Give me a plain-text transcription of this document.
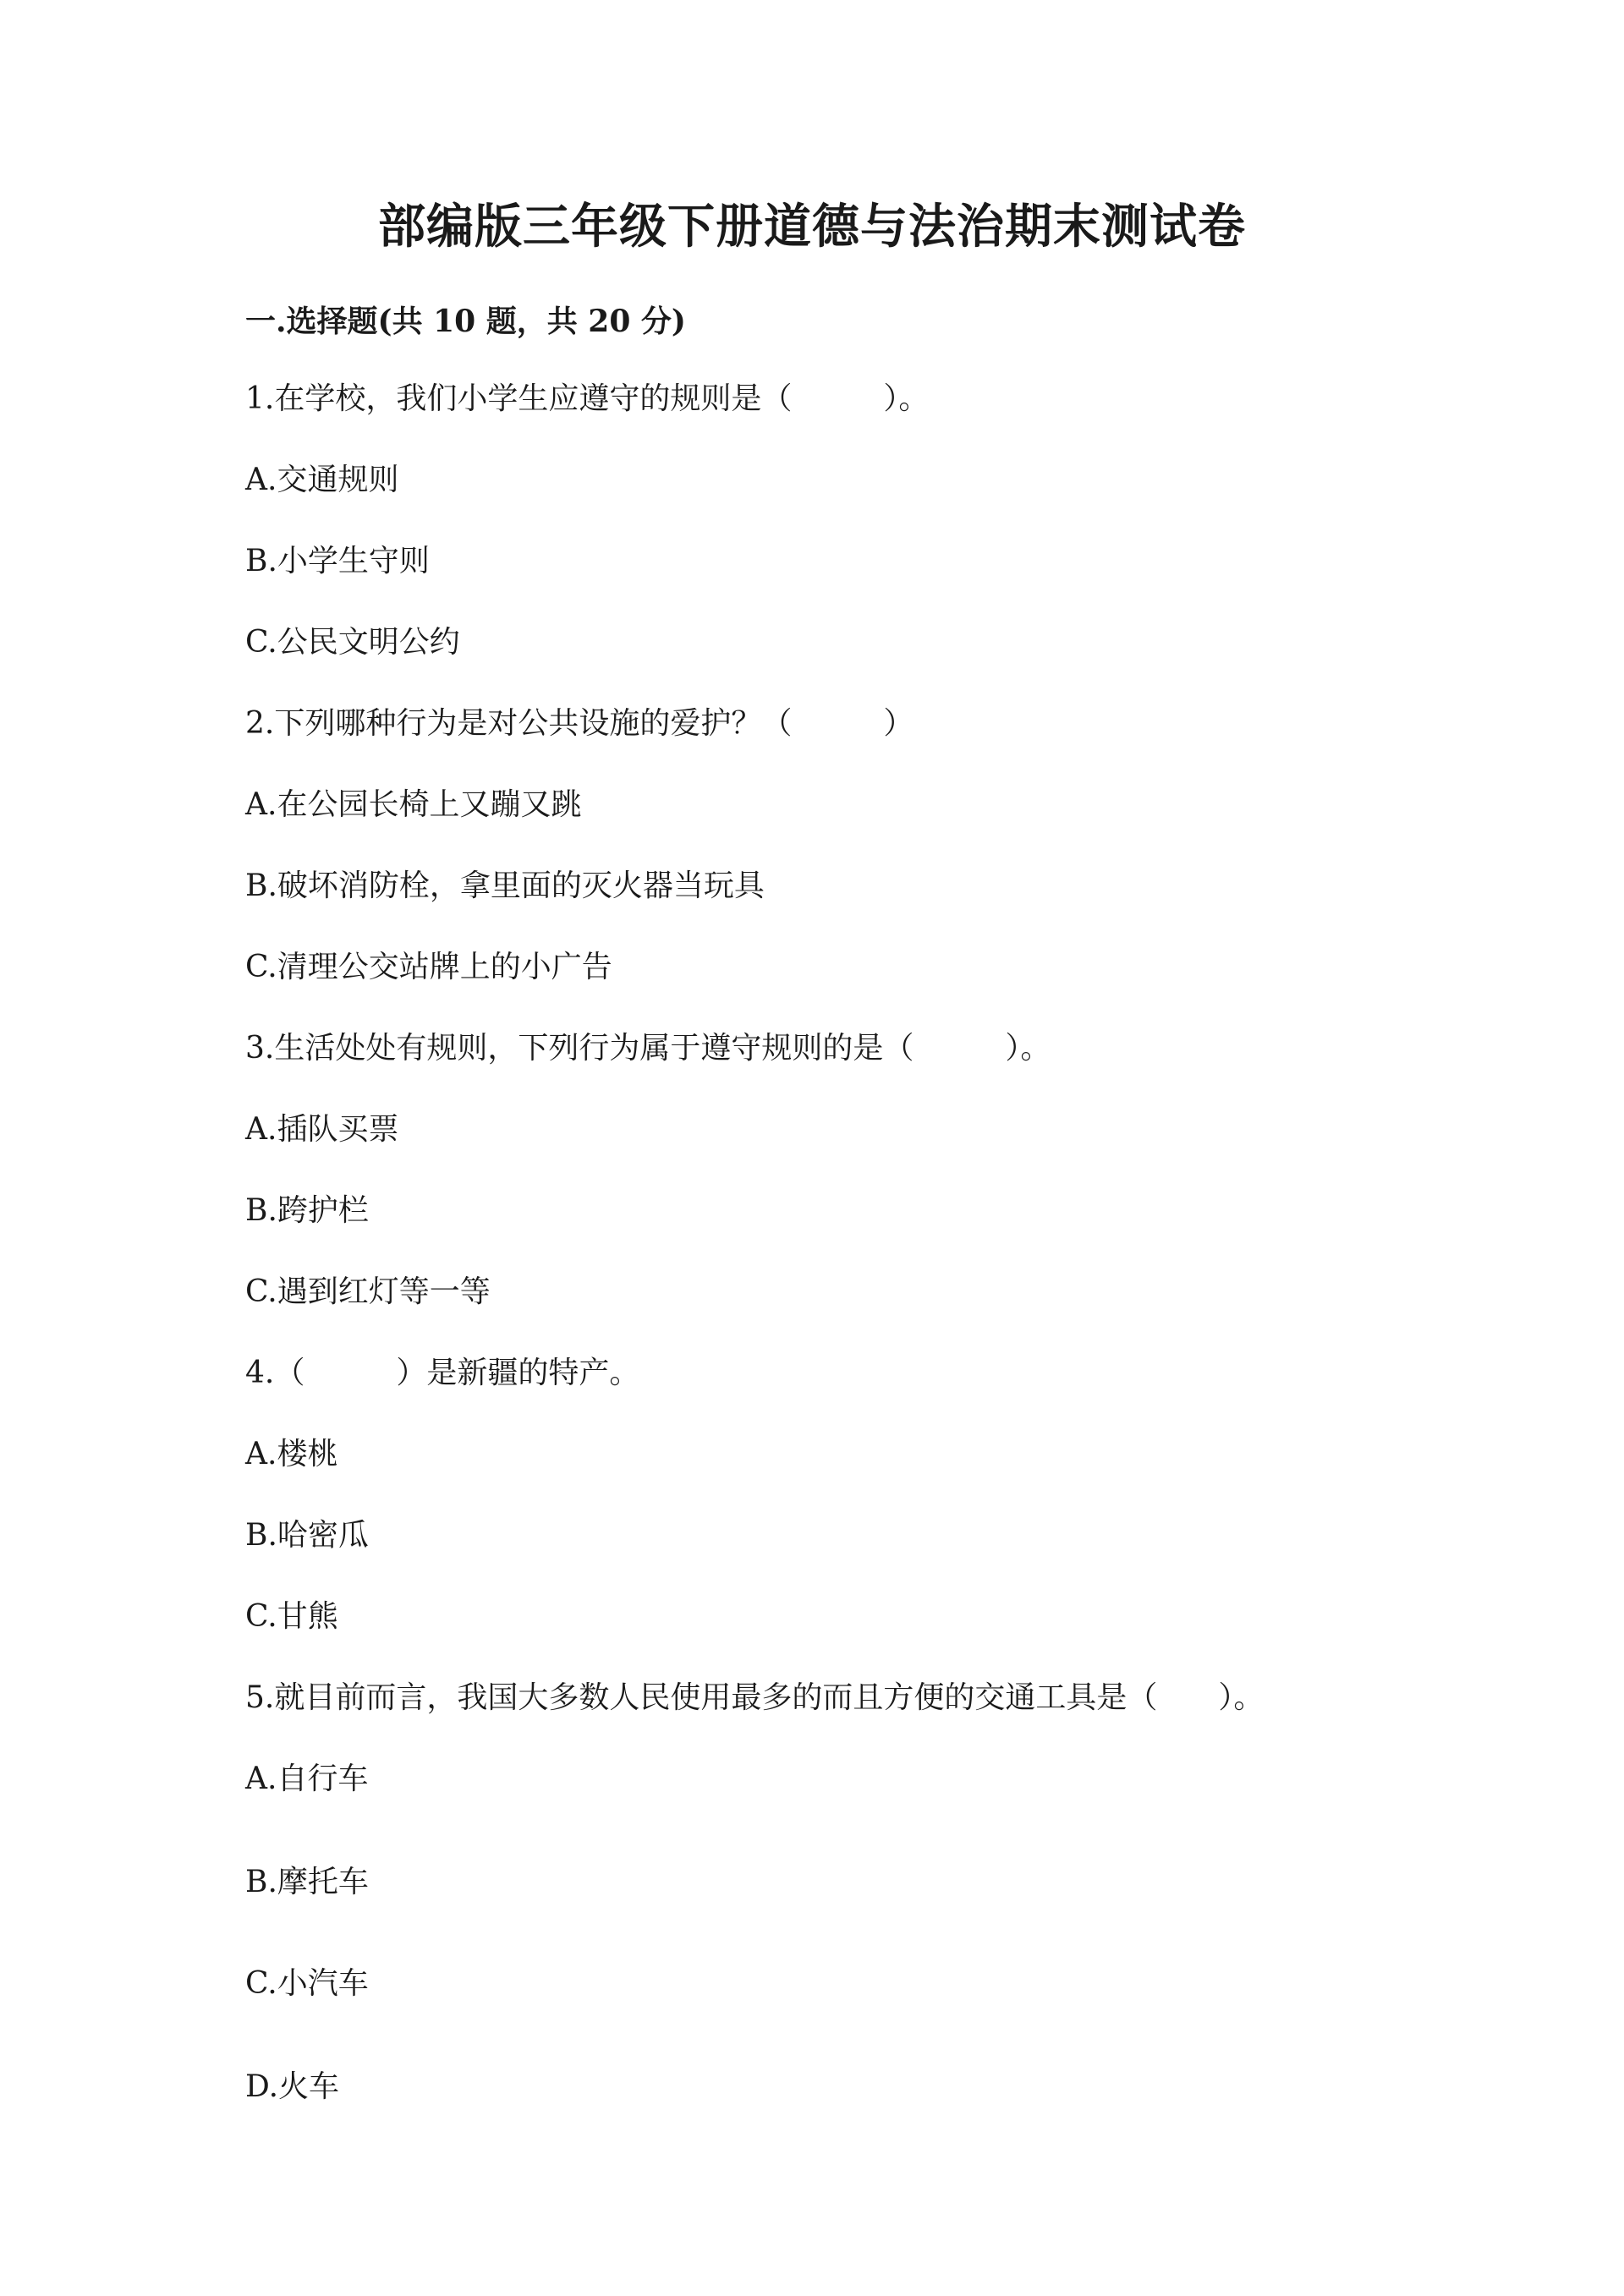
部编版三年级下册道德与法治期末测试卷
一.选择题(共 10 题，共 20 分)
1.在学校，我们小学生应遵守的规则是（　　　）。
A.交通规则
B.小学生守则
C.公民文明公约
2.下列哪种行为是对公共设施的爱护？（　　　）
A.在公园长椅上又蹦又跳
B.破坏消防栓，拿里面的灭火器当玩具
C.清理公交站牌上的小广告
3.生活处处有规则，下列行为属于遵守规则的是（　　　）。
A.插队买票
B.跨护栏
C.遇到红灯等一等
4.（　　　）是新疆的特产。
A.楼桃
B.哈密瓜
C.甘熊
5.就目前而言，我国大多数人民使用最多的而且方便的交通工具是（　　）。
A.自行车
B.摩托车
C.小汽车
D.火车
